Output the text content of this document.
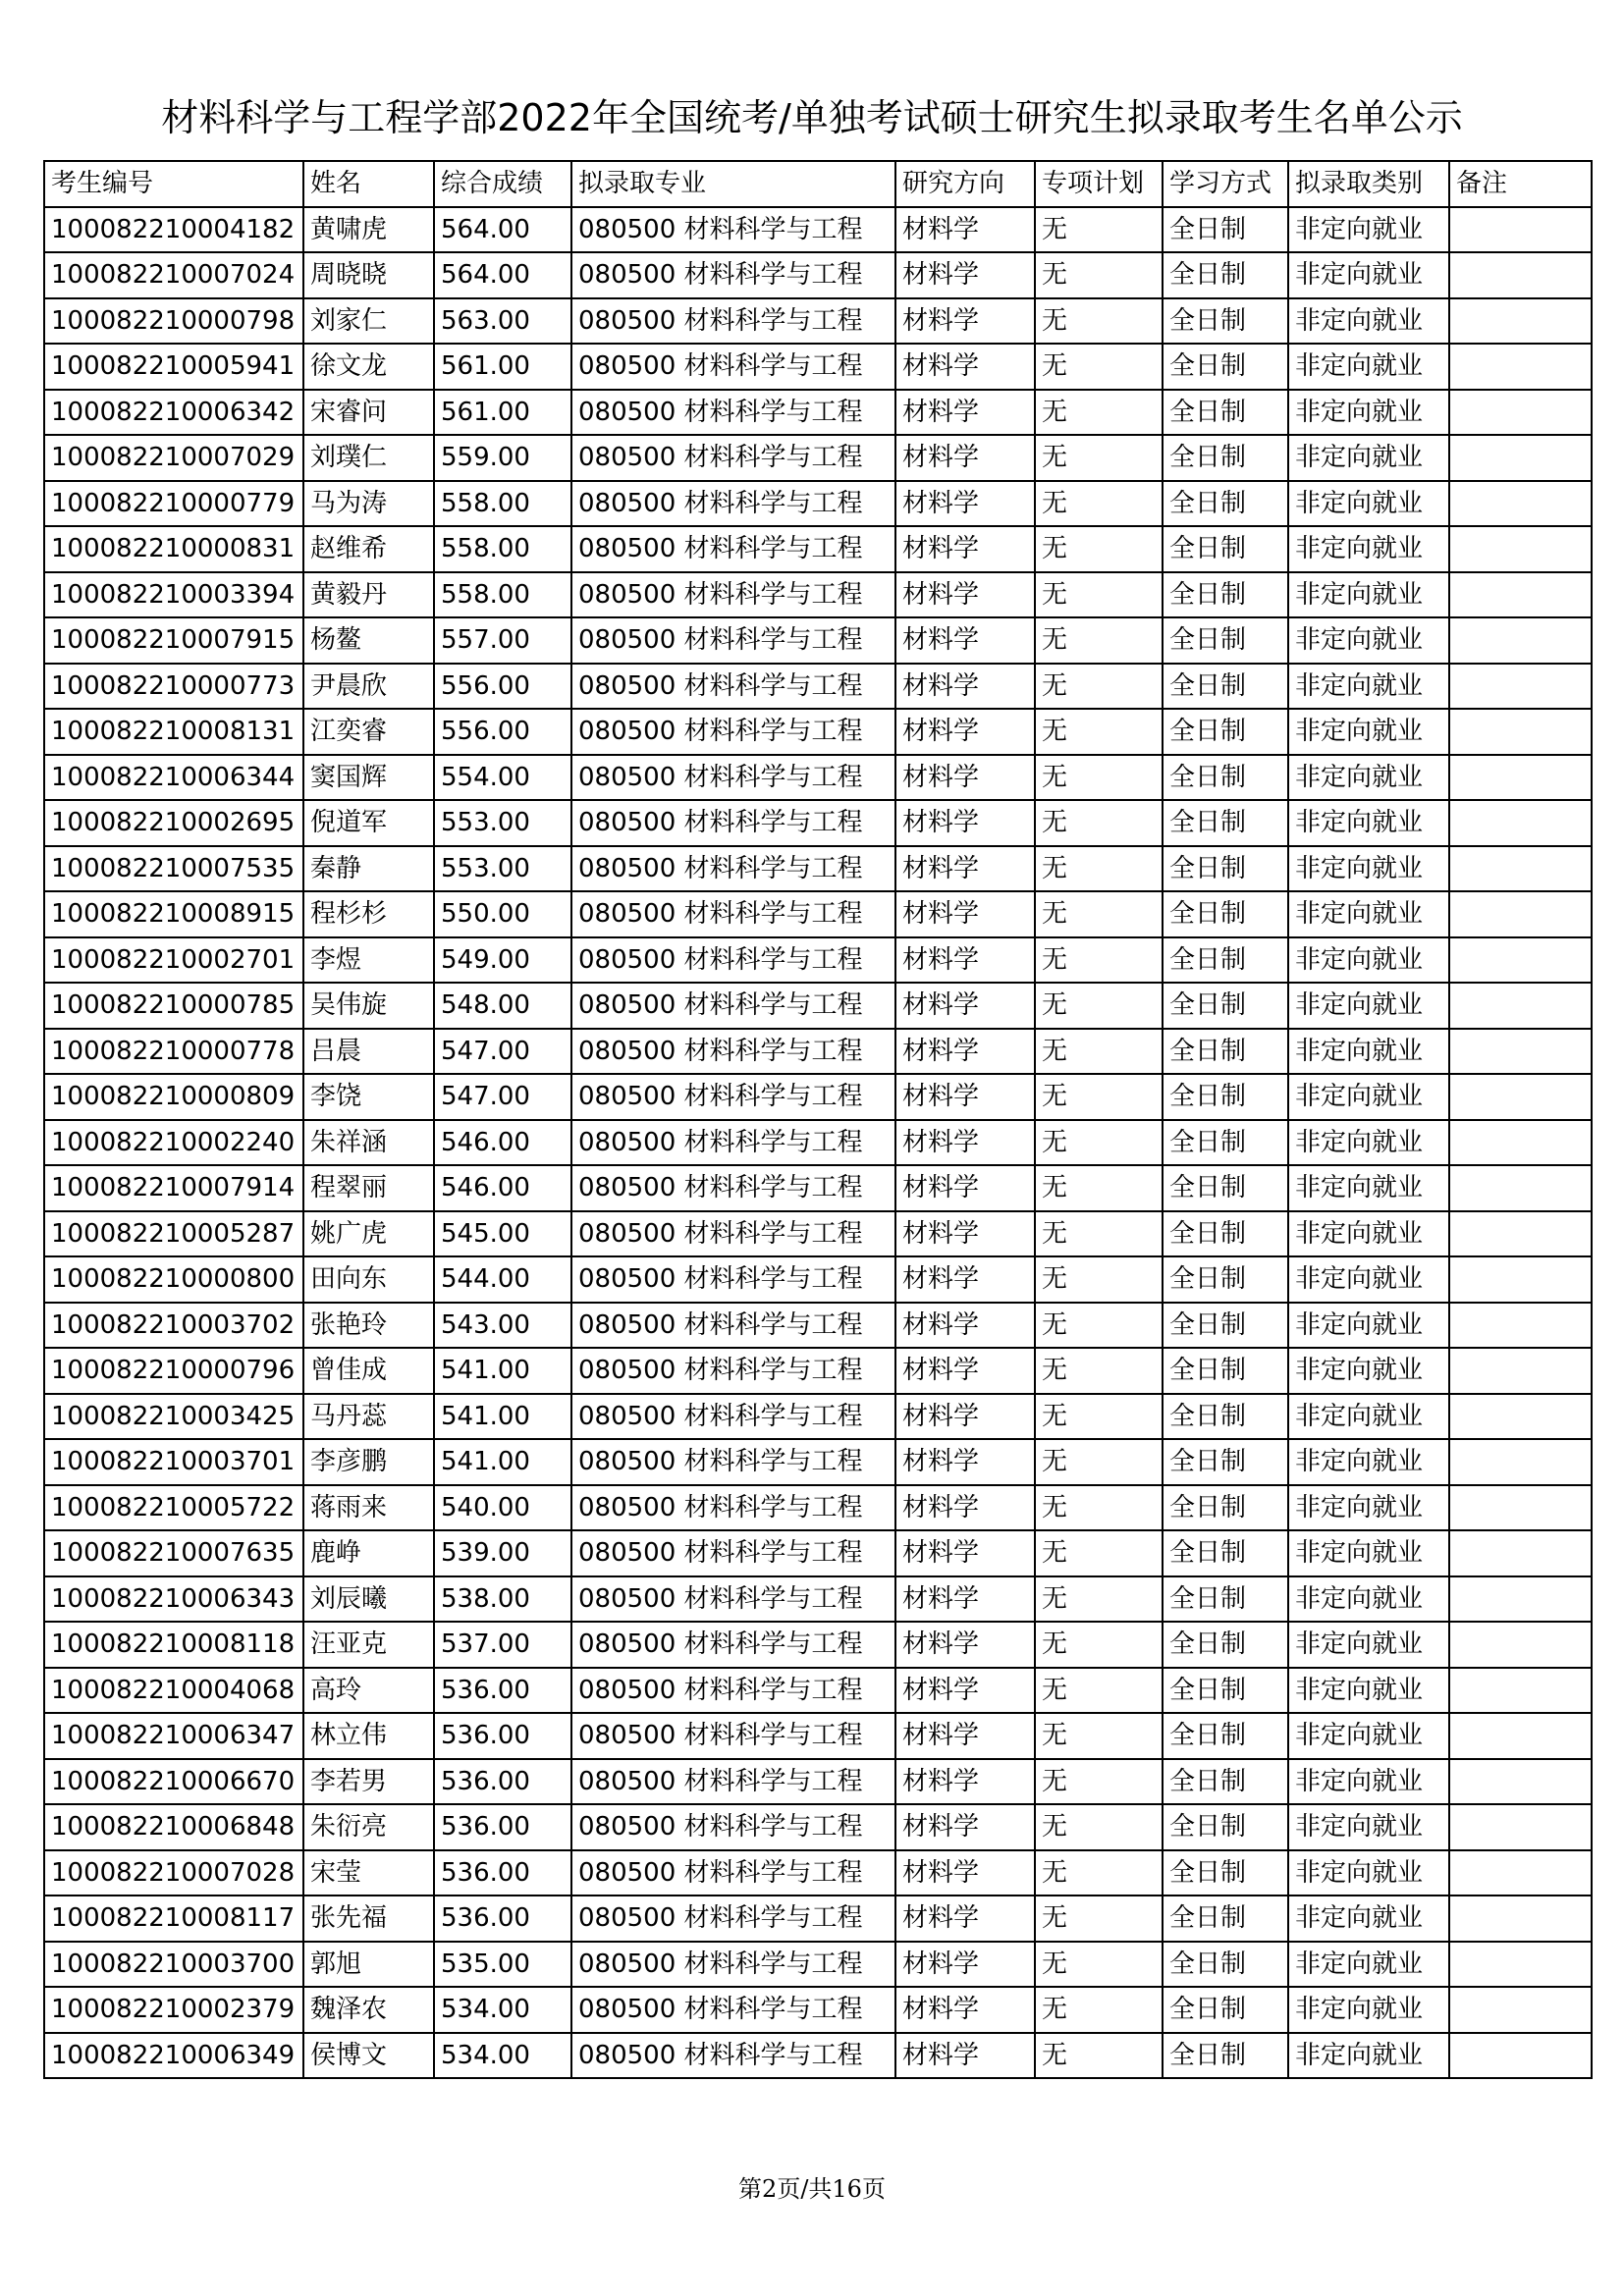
材料科学与工程学部2022年全国统考/单独考试硕士研究生拟录取考生名单公示
考生编号	姓名	综合成绩	拟录取专业	研究方向	专项计划	学习方式	拟录取类别	备注
100082210004182	黄啸虎	564.00	080500 材料科学与工程	材料学	无	全日制	非定向就业	
100082210007024	周晓晓	564.00	080500 材料科学与工程	材料学	无	全日制	非定向就业	
100082210000798	刘家仁	563.00	080500 材料科学与工程	材料学	无	全日制	非定向就业	
100082210005941	徐文龙	561.00	080500 材料科学与工程	材料学	无	全日制	非定向就业	
100082210006342	宋睿问	561.00	080500 材料科学与工程	材料学	无	全日制	非定向就业	
100082210007029	刘璞仁	559.00	080500 材料科学与工程	材料学	无	全日制	非定向就业	
100082210000779	马为涛	558.00	080500 材料科学与工程	材料学	无	全日制	非定向就业	
100082210000831	赵维希	558.00	080500 材料科学与工程	材料学	无	全日制	非定向就业	
100082210003394	黄毅丹	558.00	080500 材料科学与工程	材料学	无	全日制	非定向就业	
100082210007915	杨鳌	557.00	080500 材料科学与工程	材料学	无	全日制	非定向就业	
100082210000773	尹晨欣	556.00	080500 材料科学与工程	材料学	无	全日制	非定向就业	
100082210008131	江奕睿	556.00	080500 材料科学与工程	材料学	无	全日制	非定向就业	
100082210006344	窦国辉	554.00	080500 材料科学与工程	材料学	无	全日制	非定向就业	
100082210002695	倪道军	553.00	080500 材料科学与工程	材料学	无	全日制	非定向就业	
100082210007535	秦静	553.00	080500 材料科学与工程	材料学	无	全日制	非定向就业	
100082210008915	程杉杉	550.00	080500 材料科学与工程	材料学	无	全日制	非定向就业	
100082210002701	李煜	549.00	080500 材料科学与工程	材料学	无	全日制	非定向就业	
100082210000785	吴伟旋	548.00	080500 材料科学与工程	材料学	无	全日制	非定向就业	
100082210000778	吕晨	547.00	080500 材料科学与工程	材料学	无	全日制	非定向就业	
100082210000809	李饶	547.00	080500 材料科学与工程	材料学	无	全日制	非定向就业	
100082210002240	朱祥涵	546.00	080500 材料科学与工程	材料学	无	全日制	非定向就业	
100082210007914	程翠丽	546.00	080500 材料科学与工程	材料学	无	全日制	非定向就业	
100082210005287	姚广虎	545.00	080500 材料科学与工程	材料学	无	全日制	非定向就业	
100082210000800	田向东	544.00	080500 材料科学与工程	材料学	无	全日制	非定向就业	
100082210003702	张艳玲	543.00	080500 材料科学与工程	材料学	无	全日制	非定向就业	
100082210000796	曾佳成	541.00	080500 材料科学与工程	材料学	无	全日制	非定向就业	
100082210003425	马丹蕊	541.00	080500 材料科学与工程	材料学	无	全日制	非定向就业	
100082210003701	李彦鹏	541.00	080500 材料科学与工程	材料学	无	全日制	非定向就业	
100082210005722	蒋雨来	540.00	080500 材料科学与工程	材料学	无	全日制	非定向就业	
100082210007635	鹿峥	539.00	080500 材料科学与工程	材料学	无	全日制	非定向就业	
100082210006343	刘辰曦	538.00	080500 材料科学与工程	材料学	无	全日制	非定向就业	
100082210008118	汪亚克	537.00	080500 材料科学与工程	材料学	无	全日制	非定向就业	
100082210004068	高玲	536.00	080500 材料科学与工程	材料学	无	全日制	非定向就业	
100082210006347	林立伟	536.00	080500 材料科学与工程	材料学	无	全日制	非定向就业	
100082210006670	李若男	536.00	080500 材料科学与工程	材料学	无	全日制	非定向就业	
100082210006848	朱衍亮	536.00	080500 材料科学与工程	材料学	无	全日制	非定向就业	
100082210007028	宋莹	536.00	080500 材料科学与工程	材料学	无	全日制	非定向就业	
100082210008117	张先福	536.00	080500 材料科学与工程	材料学	无	全日制	非定向就业	
100082210003700	郭旭	535.00	080500 材料科学与工程	材料学	无	全日制	非定向就业	
100082210002379	魏泽农	534.00	080500 材料科学与工程	材料学	无	全日制	非定向就业	
100082210006349	侯博文	534.00	080500 材料科学与工程	材料学	无	全日制	非定向就业	
第2页/共16页
